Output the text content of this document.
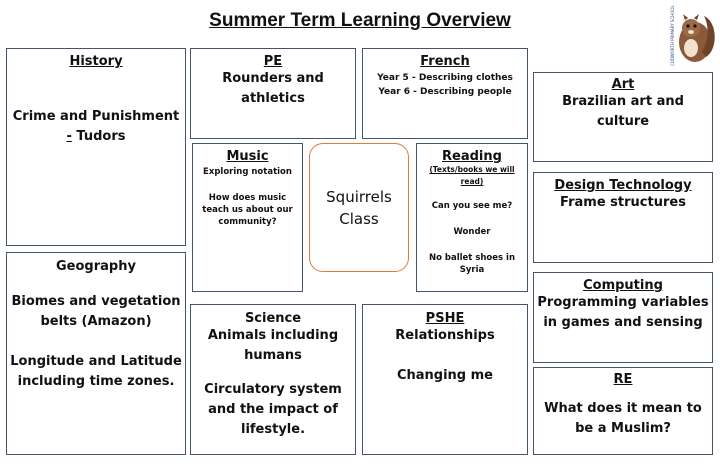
Summer Term Learning Overview	CUDWORTH PRIMARY SCHOOL
History
Crime and Punishment
- Tudors
Geography
Biomes and vegetation
belts (Amazon)
Longitude and Latitude
including time zones.
PE
Rounders and
athletics
French
Year 5 - Describing clothes
Year 6 - Describing people
Music
Exploring notation
How does music
teach us about our
community?
Squirrels
Class
Reading
(Texts/books we will read)
Can you see me?
Wonder
No ballet shoes in
Syria
Science
Animals including
humans
Circulatory system
and the impact of
lifestyle.
PSHE
Relationships
Changing me
Art
Brazilian art and
culture
Design Technology
Frame structures
Computing
Programming variables
in games and sensing
RE
What does it mean to
be a Muslim?
